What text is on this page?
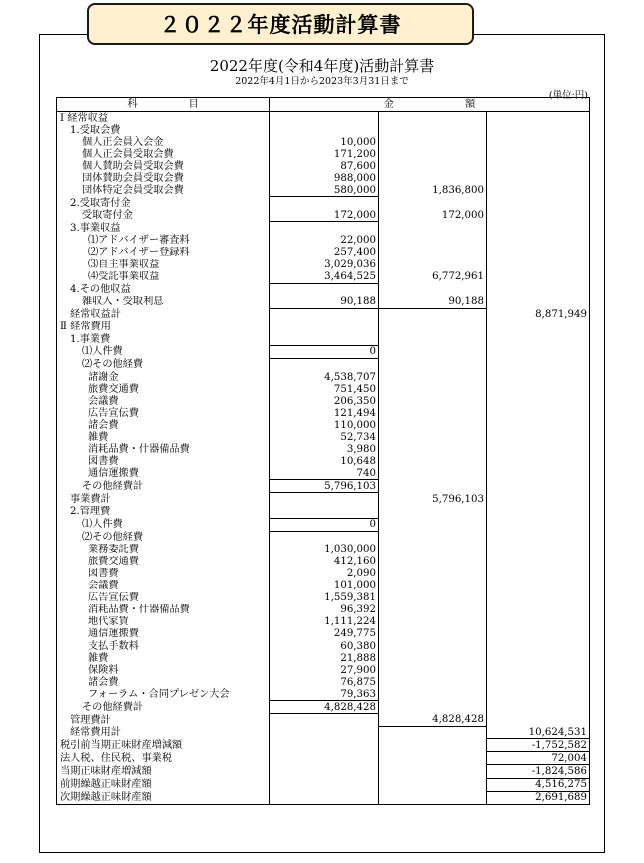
２０２２年度活動計算書
2022年度(令和4年度)活動計算書
2022年4月1日から2023年3月31日まで
(単位:円)
科　　　　　目	金　　　　　　　額		
Ⅰ 経常収益			
1.受取会費			
個人正会員入会金	10,000		
個人正会員受取会費	171,200		
個人賛助会員受取会費	87,600		
団体賛助会員受取会費	988,000		
団体特定会員受取会費	580,000	1,836,800	
2.受取寄付金			
受取寄付金	172,000	172,000	
3.事業収益			
⑴アドバイザー審査料	22,000		
⑵アドバイザー登録料	257,400		
⑶自主事業収益	3,029,036		
⑷受託事業収益	3,464,525	6,772,961	
4.その他収益			
雑収入・受取利息	90,188	90,188	
経常収益計			8,871,949
Ⅱ 経常費用			
1.事業費			
⑴人件費	0		
⑵その他経費			
諸謝金	4,538,707		
旅費交通費	751,450		
会議費	206,350		
広告宣伝費	121,494		
諸会費	110,000		
雑費	52,734		
消耗品費・什器備品費	3,980		
図書費	10,648		
通信運搬費	740		
その他経費計	5,796,103		
事業費計		5,796,103	
2.管理費			
⑴人件費	0		
⑵その他経費			
業務委託費	1,030,000		
旅費交通費	412,160		
図書費	2,090		
会議費	101,000		
広告宣伝費	1,559,381		
消耗品費・什器備品費	96,392		
地代家賃	1,111,224		
通信運搬費	249,775		
支払手数料	60,380		
雑費	21,888		
保険料	27,900		
諸会費	76,875		
フォーラム・合同プレゼン大会	79,363		
その他経費計	4,828,428		
管理費計		4,828,428	
経常費用計			10,624,531
税引前当期正味財産増減額			-1,752,582
法人税、住民税、事業税			72,004
当期正味財産増減額			-1,824,586
前期繰越正味財産額			4,516,275
次期繰越正味財産額			2,691,689
